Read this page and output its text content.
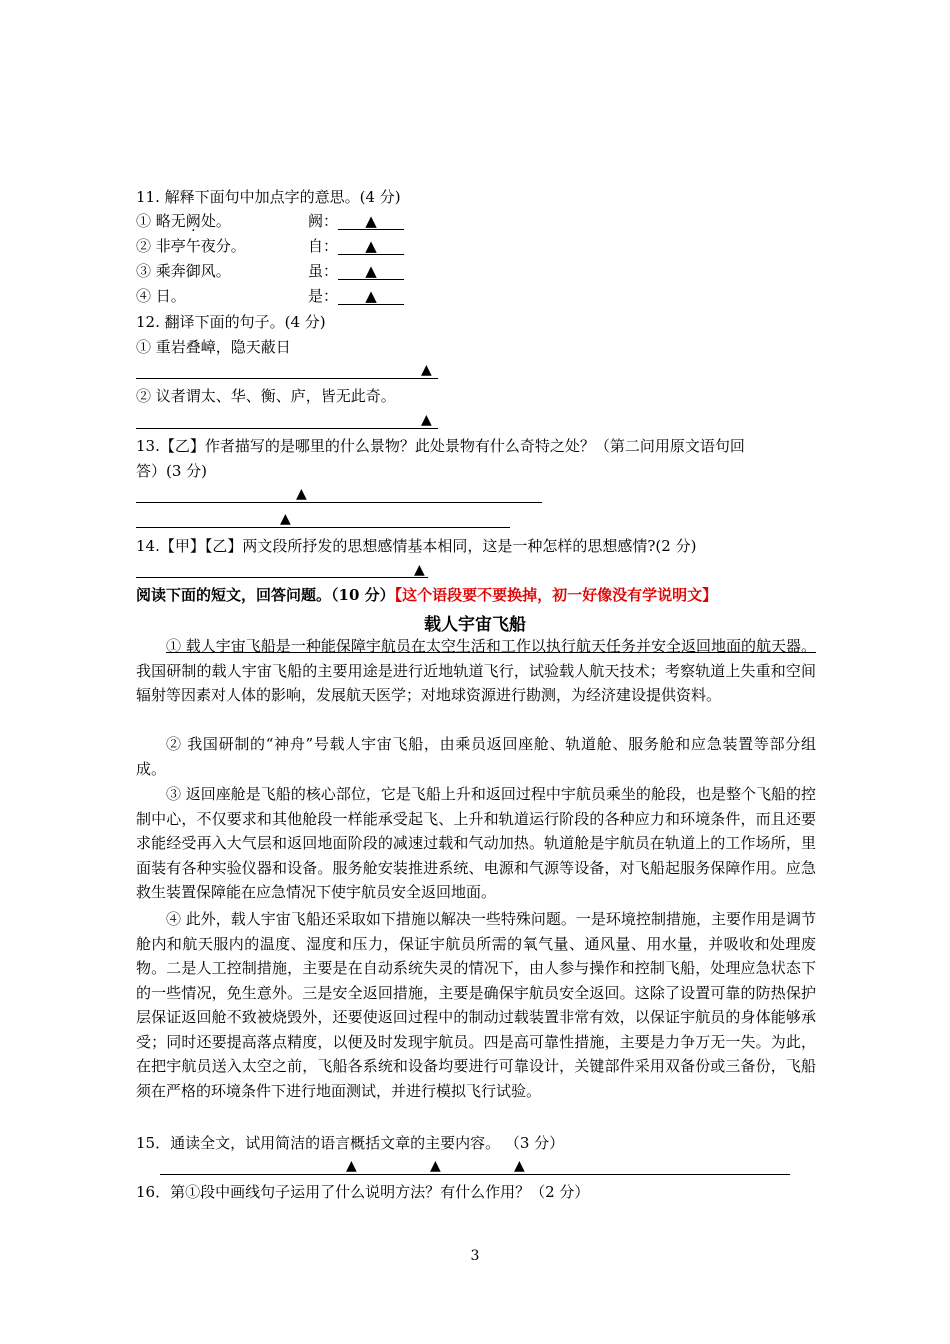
11. 解释下面句中加点字的意思。(4 分)
① 略无阙处。	阙： ▲
② 非亭午夜分。	自： ▲
③ 乘奔御风。	虽： ▲
④ 日。	是： ▲
12. 翻译下面的句子。(4 分)
① 重岩叠嶂，隐天蔽日
▲
② 议者谓太、华、衡、庐，皆无此奇。
▲
13.【乙】作者描写的是哪里的什么景物？此处景物有什么奇特之处？（第二问用原文语句回
答）(3 分)
▲
▲
14.【甲】【乙】两文段所抒发的思想感情基本相同，这是一种怎样的思想感情?(2 分)
▲
阅读下面的短文，回答问题。（10 分）【这个语段要不要换掉，初一好像没有学说明文】
载人宇宙飞船
① 载人宇宙飞船是一种能保障宇航员在太空生活和工作以执行航天任务并安全返回地面的航天器。我国研制的载人宇宙飞船的主要用途是进行近地轨道飞行，试验载人航天技术；考察轨道上失重和空间辐射等因素对人体的影响，发展航天医学；对地球资源进行勘测，为经济建设提供资料。
② 我国研制的“神舟”号载人宇宙飞船，由乘员返回座舱、轨道舱、服务舱和应急装置等部分组成。
③ 返回座舱是飞船的核心部位，它是飞船上升和返回过程中宇航员乘坐的舱段，也是整个飞船的控制中心，不仅要求和其他舱段一样能承受起飞、上升和轨道运行阶段的各种应力和环境条件，而且还要求能经受再入大气层和返回地面阶段的减速过载和气动加热。轨道舱是宇航员在轨道上的工作场所，里面装有各种实验仪器和设备。服务舱安装推进系统、电源和气源等设备，对飞船起服务保障作用。应急救生装置保障能在应急情况下使宇航员安全返回地面。
④ 此外，载人宇宙飞船还采取如下措施以解决一些特殊问题。一是环境控制措施，主要作用是调节舱内和航天服内的温度、湿度和压力，保证宇航员所需的氧气量、通风量、用水量，并吸收和处理废物。二是人工控制措施，主要是在自动系统失灵的情况下，由人参与操作和控制飞船，处理应急状态下的一些情况，免生意外。三是安全返回措施，主要是确保宇航员安全返回。这除了设置可靠的防热保护层保证返回舱不致被烧毁外，还要使返回过程中的制动过载装置非常有效，以保证宇航员的身体能够承受；同时还要提高落点精度，以便及时发现宇航员。四是高可靠性措施，主要是力争万无一失。为此，在把宇航员送入太空之前，飞船各系统和设备均要进行可靠设计，关键部件采用双备份或三备份，飞船须在严格的环境条件下进行地面测试，并进行模拟飞行试验。
15．通读全文，试用简洁的语言概括文章的主要内容。 （3 分）
▲	▲	▲
16．第①段中画线句子运用了什么说明方法？有什么作用？（2 分）
3
